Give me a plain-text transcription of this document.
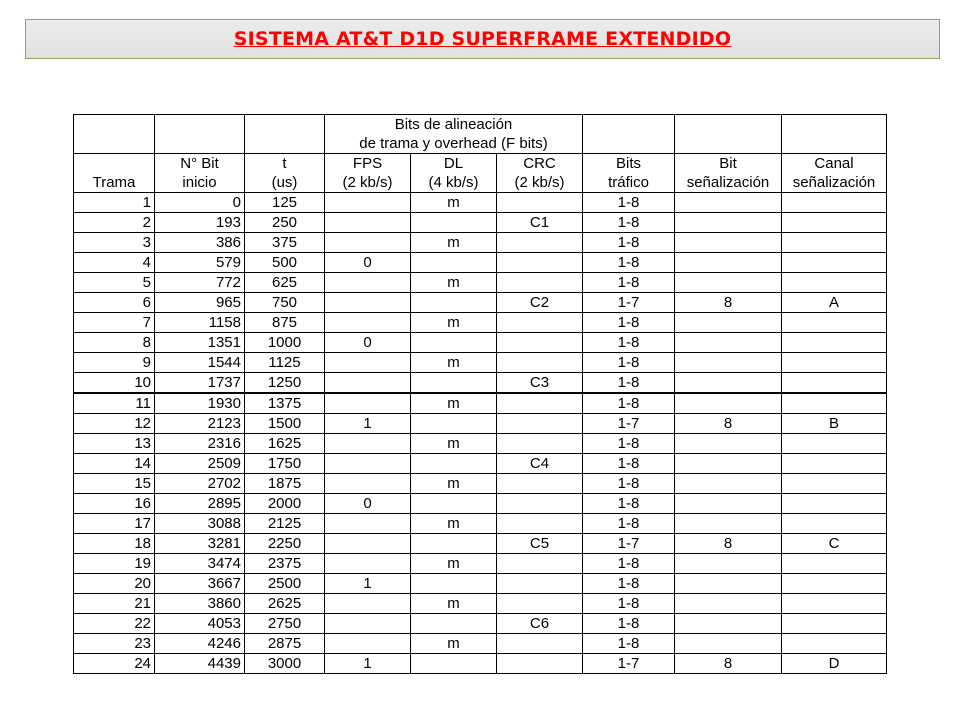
SISTEMA AT&T D1D SUPERFRAME EXTENDIDO

			Bits de alineación
de trama y overhead (F bits)					

	N° Bit	t	FPS	DL	CRC	Bits	Bit	Canal
Trama	inicio	(us)	(2 kb/s)	(4 kb/s)	(2 kb/s)	tráfico	señalización	señalización
1	0	125		m		1-8		
2	193	250			C1	1-8		
3	386	375		m		1-8		
4	579	500	0			1-8		
5	772	625		m		1-8		
6	965	750			C2	1-7	8	A
7	1158	875		m		1-8		
8	1351	1000	0			1-8		
9	1544	1125		m		1-8		
10	1737	1250			C3	1-8		
11	1930	1375		m		1-8		
12	2123	1500	1			1-7	8	B
13	2316	1625		m		1-8		
14	2509	1750			C4	1-8		
15	2702	1875		m		1-8		
16	2895	2000	0			1-8		
17	3088	2125		m		1-8		
18	3281	2250			C5	1-7	8	C
19	3474	2375		m		1-8		
20	3667	2500	1			1-8		
21	3860	2625		m		1-8		
22	4053	2750			C6	1-8		
23	4246	2875		m		1-8		
24	4439	3000	1			1-7	8	D
